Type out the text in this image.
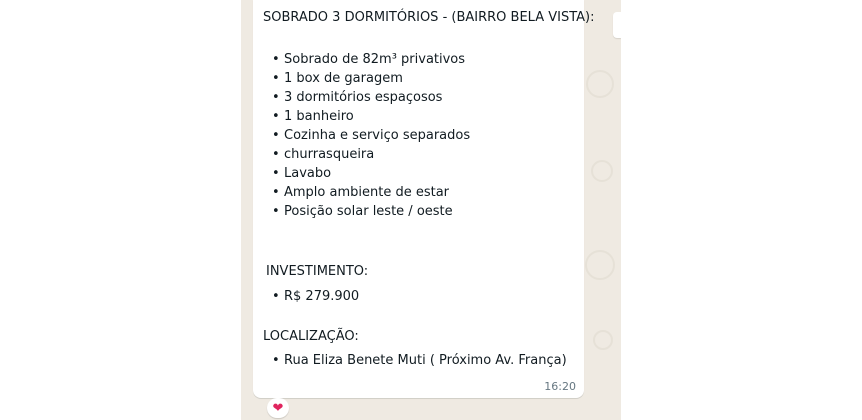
SOBRADO 3 DORMITÓRIOS - (BAIRRO BELA VISTA):
• Sobrado de 82m³ privativos
• 1 box de garagem
• 3 dormitórios espaçosos
• 1 banheiro
• Cozinha e serviço separados
• churrasqueira
• Lavabo
• Amplo ambiente de estar
• Posição solar leste / oeste
INVESTIMENTO:
• R$ 279.900
LOCALIZAÇÃO:
• Rua Eliza Benete Muti ( Próximo Av. França)
16:20
❤
